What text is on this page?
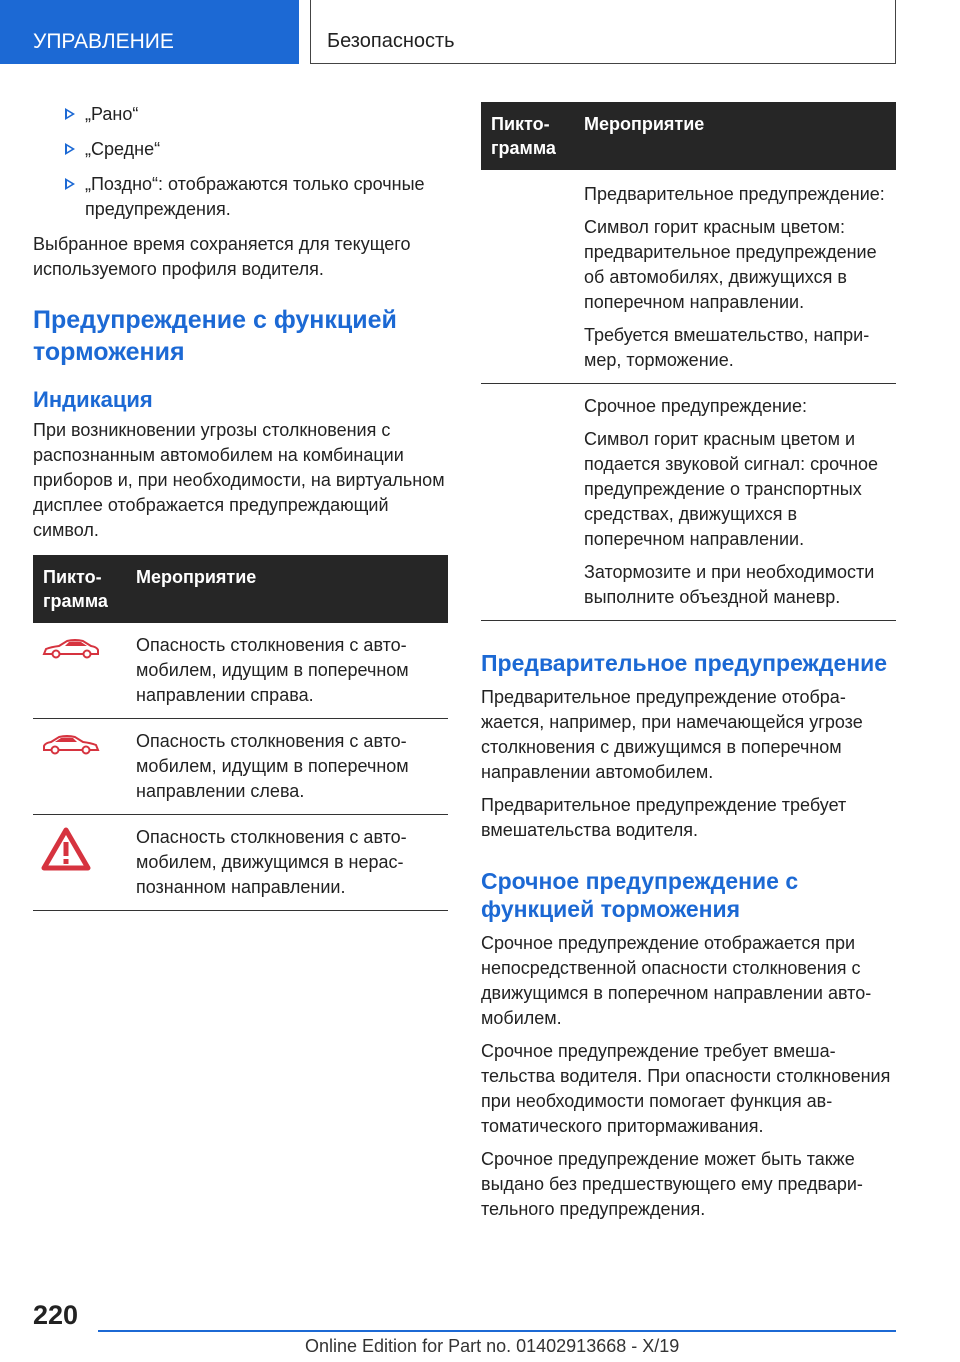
УПРАВЛЕНИЕ	Безопасность
„Рано“
„Средне“
„Поздно“: отображаются только срочные предупреждения.

Выбранное время сохраняется для текущего используемого профиля водителя.

Предупреждение с функцией торможения
Индикация

При возникновении угрозы столкновения с распознанным автомобилем на комбинации приборов и, при необходимости, на виртуальном дисплее отображается предупреждающий символ.

Пиктограмма	Мероприятие
	Опасность столкновения с автомобилем, идущим в поперечном направлении справа.
	Опасность столкновения с автомобилем, идущим в поперечном направлении слева.
	Опасность столкновения с автомобилем, движущимся в нераспознанном направлении.
Пиктограмма	Мероприятие

	Предварительное предупреждение:
Символ горит красным цветом: предварительное предупреждение об автомобилях, движущихся в поперечном направлении.
Требуется вмешательство, например, торможение.

	Срочное предупреждение:
Символ горит красным цветом и подается звуковой сигнал: срочное предупреждение о транспортных средствах, движущихся в поперечном направлении.
Затормозите и при необходимости выполните объездной маневр.
Предварительное предупреждение

Предварительное предупреждение отображается, например, при намечающейся угрозе столкновения с движущимся в поперечном направлении автомобилем.

Предварительное предупреждение требует вмешательства водителя.

Срочное предупреждение с функцией торможения

Срочное предупреждение отображается при непосредственной опасности столкновения с движущимся в поперечном направлении автомобилем.

Срочное предупреждение требует вмешательства водителя. При опасности столкновения при необходимости помогает функция автоматического притормаживания.

Срочное предупреждение может быть также выдано без предшествующего ему предварительного предупреждения.

220
Online Edition for Part no. 01402913668 - X/19
